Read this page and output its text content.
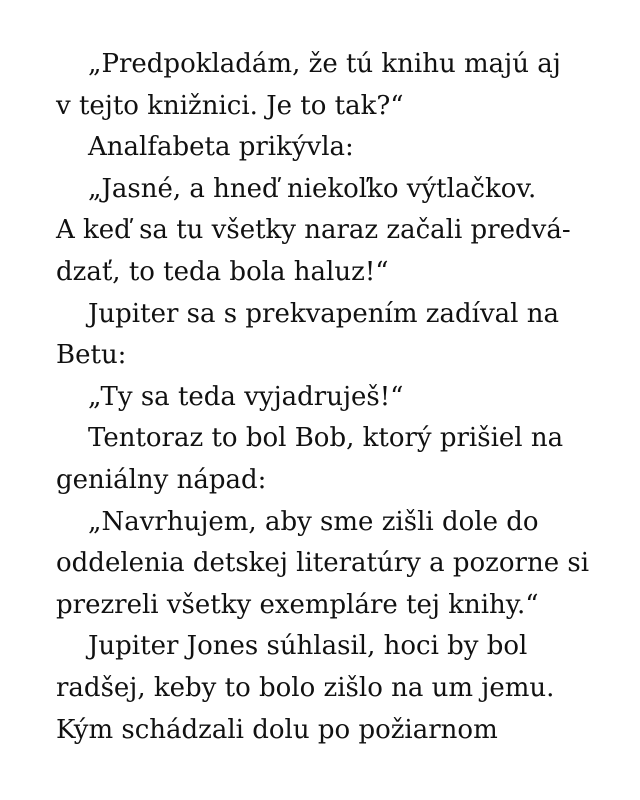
„Predpokladám, že tú knihu majú aj
v tejto knižnici. Je to tak?“
Analfabeta prikývla:
„Jasné, a hneď niekoľko výtlačkov.
A keď sa tu všetky naraz začali predvá-
dzať, to teda bola haluz!“
Jupiter sa s prekvapením zadíval na
Betu:
„Ty sa teda vyjadruješ!“
Tentoraz to bol Bob, ktorý prišiel na
geniálny nápad:
„Navrhujem, aby sme zišli dole do
oddelenia detskej literatúry a pozorne si
prezreli všetky exempláre tej knihy.“
Jupiter Jones súhlasil, hoci by bol
radšej, keby to bolo zišlo na um jemu.
Kým schádzali dolu po požiarnom
